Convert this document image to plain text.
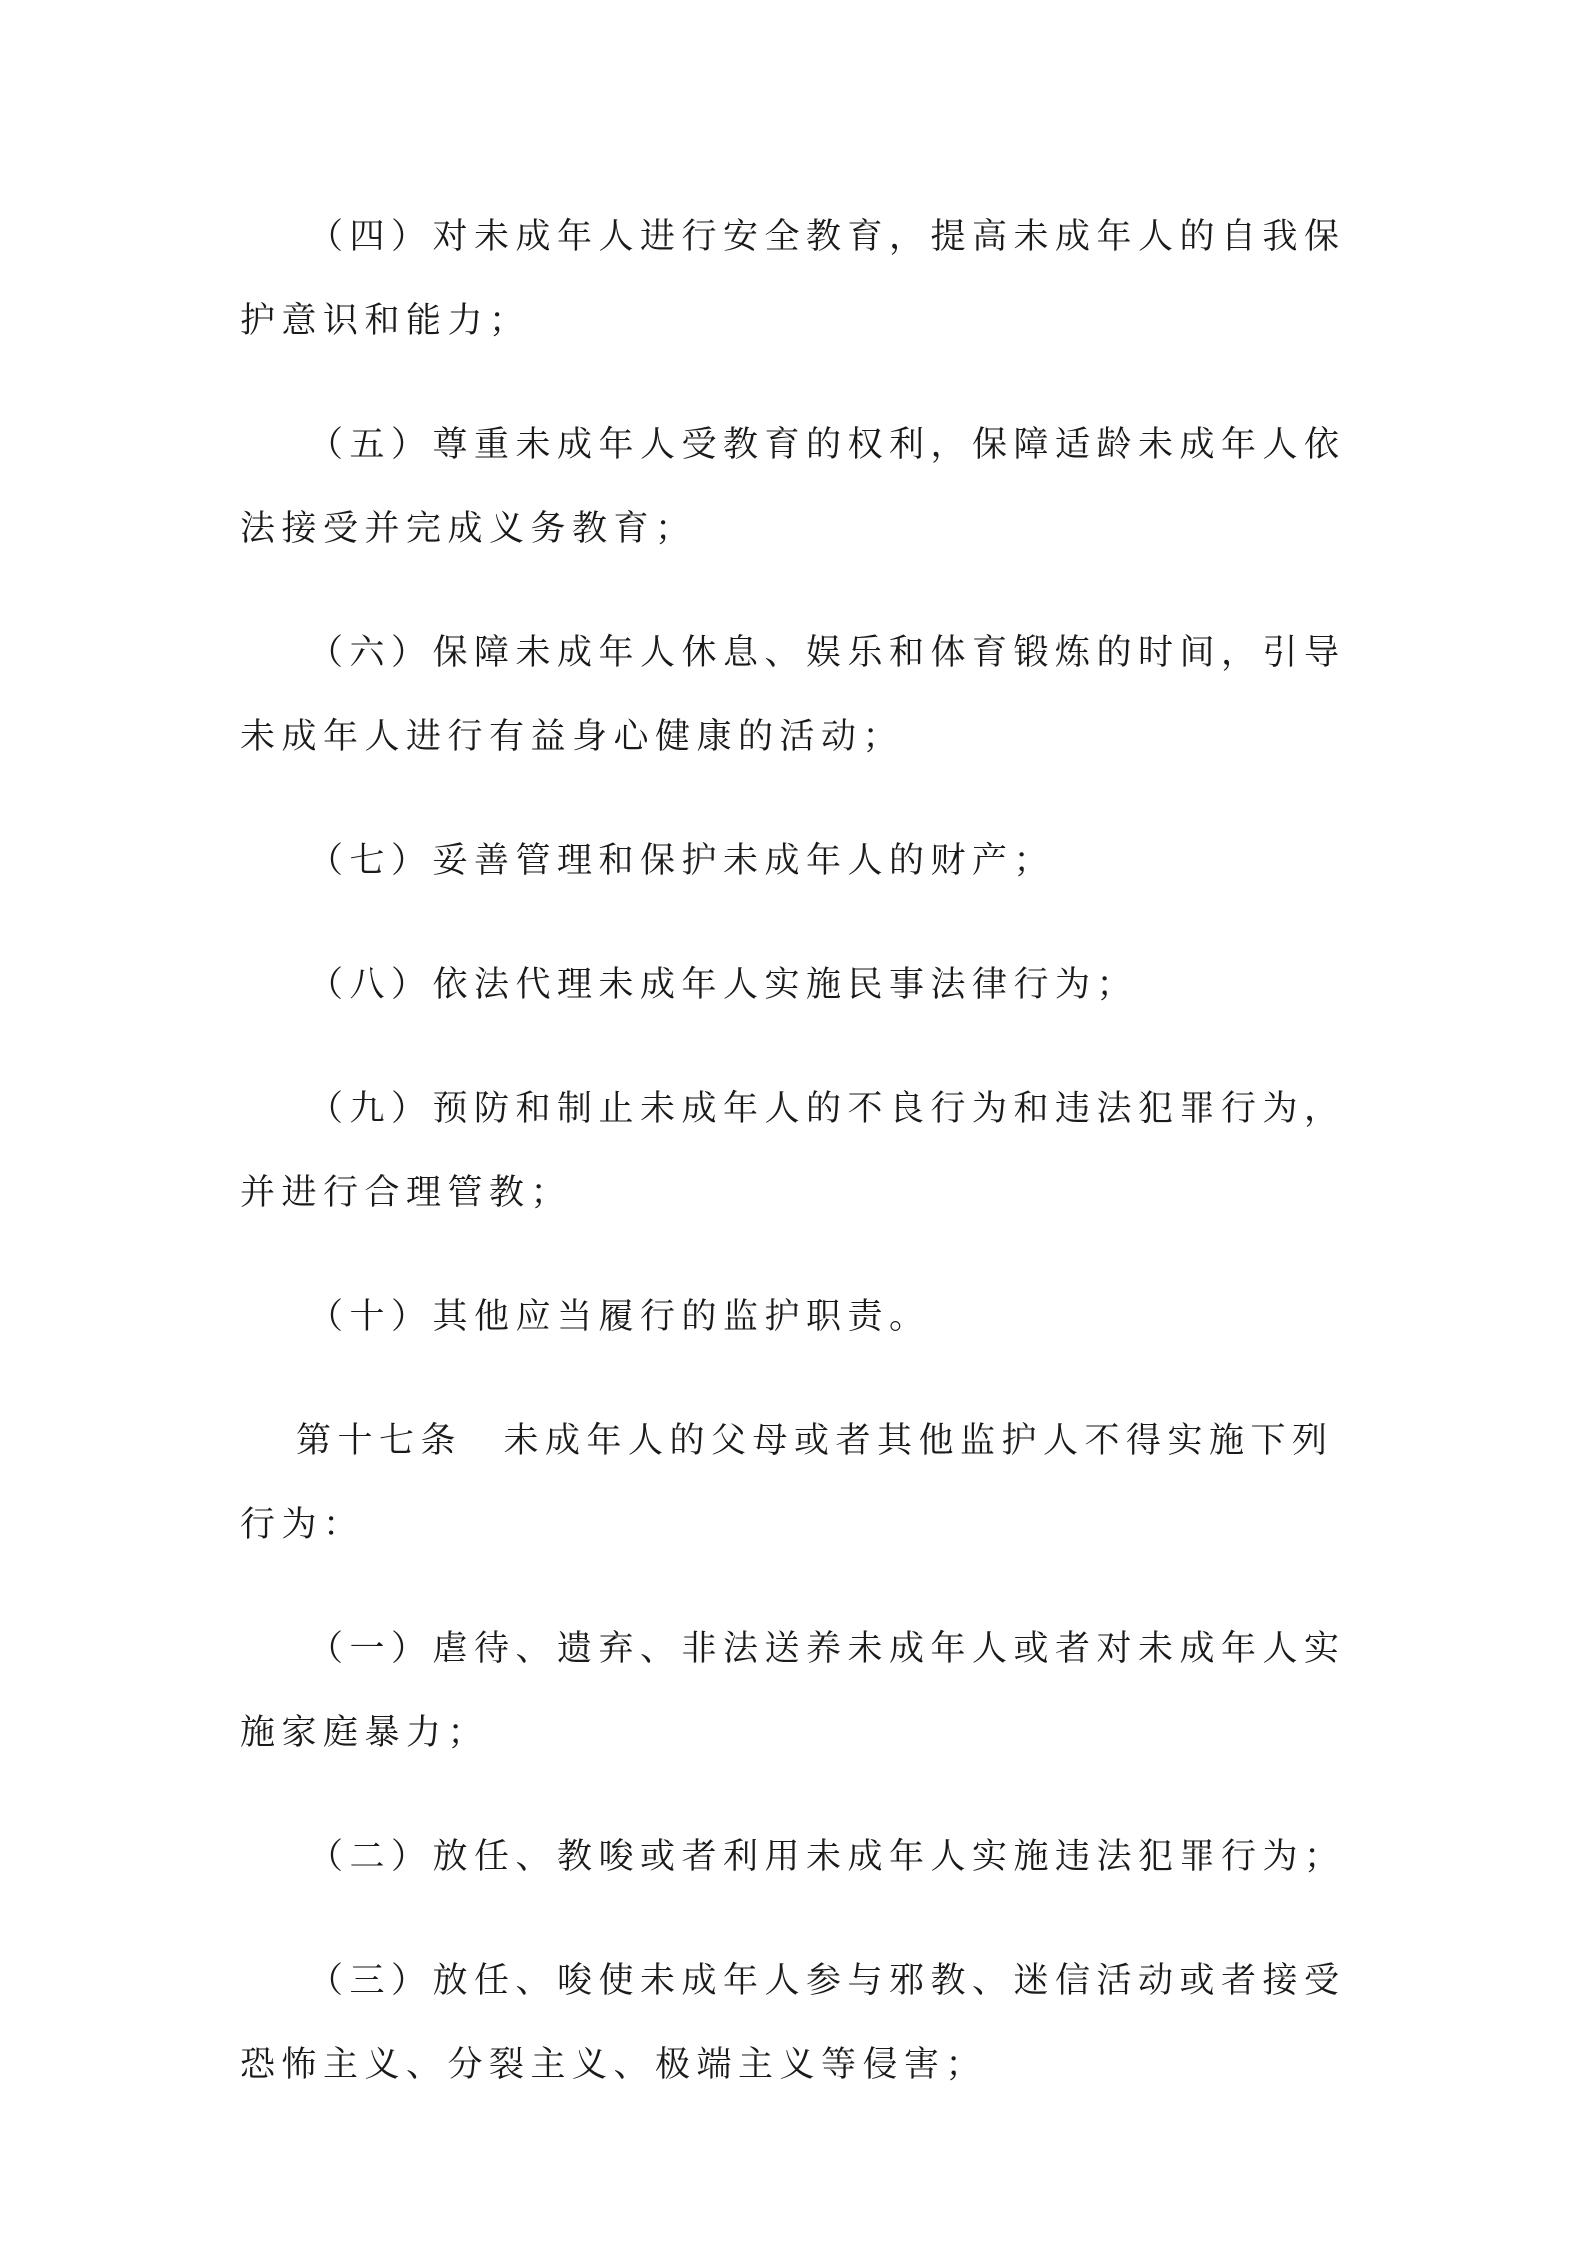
（四）对未成年人进行安全教育，提高未成年人的自我保护意识和能力；

（五）尊重未成年人受教育的权利，保障适龄未成年人依法接受并完成义务教育；

（六）保障未成年人休息、娱乐和体育锻炼的时间，引导未成年人进行有益身心健康的活动；

（七）妥善管理和保护未成年人的财产；

（八）依法代理未成年人实施民事法律行为；

（九）预防和制止未成年人的不良行为和违法犯罪行为，并进行合理管教；

（十）其他应当履行的监护职责。

第十七条　未成年人的父母或者其他监护人不得实施下列行为：

（一）虐待、遗弃、非法送养未成年人或者对未成年人实施家庭暴力；

（二）放任、教唆或者利用未成年人实施违法犯罪行为；

（三）放任、唆使未成年人参与邪教、迷信活动或者接受恐怖主义、分裂主义、极端主义等侵害；
